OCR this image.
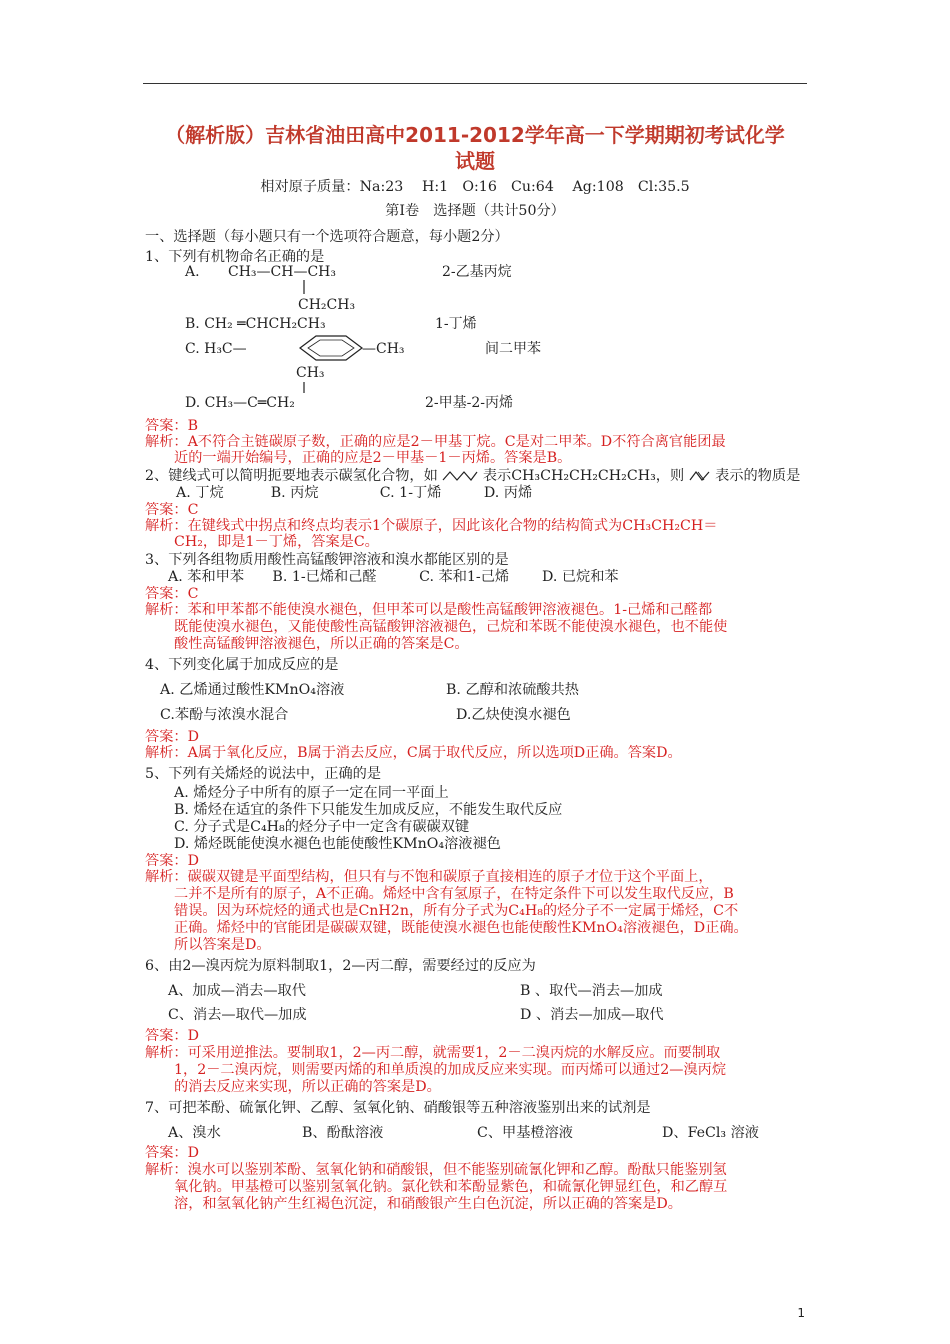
（解析版）吉林省油田高中2011-2012学年高一下学期期初考试化学
试题
相对原子质量：Na:23　 H:1　O:16　Cu:64　 Ag:108　Cl:35.5
第Ⅰ卷　选择题（共计50分）
一、选择题（每小题只有一个选项符合题意，每小题2分）
1、下列有机物命名正确的是
A. CH₃—CH—CH₃
CH₂CH₃
2-乙基丙烷
B. CH₂ ═CHCH₂CH₃	1-丁烯
C. H₃C—	—CH₃	间二甲苯
CH₃
D. CH₃—C═CH₂	2-甲基-2-丙烯
答案：B
解析：A不符合主链碳原子数，正确的应是2－甲基丁烷。C是对二甲苯。D不符合离官能团最
近的一端开始编号，正确的应是2－甲基－1－丙烯。答案是B。
2、键线式可以简明扼要地表示碳氢化合物，如	表示CH₃CH₂CH₂CH₂CH₃，则 表示的物质是
A. 丁烷　　　 B. 丙烷　　　　 C. 1-丁烯　　　D. 丙烯
答案：C
解析：在键线式中拐点和终点均表示1个碳原子，因此该化合物的结构简式为CH₃CH₂CH＝
CH₂，即是1－丁烯，答案是C。
3、下列各组物质用酸性高锰酸钾溶液和溴水都能区别的是
A. 苯和甲苯　　B. 1-已烯和己醛　　　C. 苯和1-己烯　　 D. 已烷和苯
答案：C
解析：苯和甲苯都不能使溴水褪色，但甲苯可以是酸性高锰酸钾溶液褪色。1-己烯和己醛都
既能使溴水褪色，又能使酸性高锰酸钾溶液褪色，己烷和苯既不能使溴水褪色，也不能使
酸性高锰酸钾溶液褪色，所以正确的答案是C。
4、下列变化属于加成反应的是
A. 乙烯通过酸性KMnO₄溶液	B. 乙醇和浓硫酸共热
C.苯酚与浓溴水混合	D.乙炔使溴水褪色
答案：D
解析：A属于氧化反应，B属于消去反应，C属于取代反应，所以选项D正确。答案D。
5、下列有关烯烃的说法中，正确的是
A. 烯烃分子中所有的原子一定在同一平面上
B. 烯烃在适宜的条件下只能发生加成反应，不能发生取代反应
C. 分子式是C₄H₈的烃分子中一定含有碳碳双键
D. 烯烃既能使溴水褪色也能使酸性KMnO₄溶液褪色
答案：D
解析：碳碳双键是平面型结构，但只有与不饱和碳原子直接相连的原子才位于这个平面上，
二并不是所有的原子，A不正确。烯烃中含有氢原子，在特定条件下可以发生取代反应，B
错误。因为环烷烃的通式也是CnH2n，所有分子式为C₄H₈的烃分子不一定属于烯烃，C不
正确。烯烃中的官能团是碳碳双键，既能使溴水褪色也能使酸性KMnO₄溶液褪色，D正确。
所以答案是D。
6、由2—溴丙烷为原料制取1，2—丙二醇，需要经过的反应为
A、加成—消去—取代	B 、取代—消去—加成
C、消去—取代—加成	D 、消去—加成—取代
答案：D
解析：可采用逆推法。要制取1，2—丙二醇，就需要1，2－二溴丙烷的水解反应。而要制取
1，2－二溴丙烷，则需要丙烯的和单质溴的加成反应来实现。而丙烯可以通过2—溴丙烷
的消去反应来实现，所以正确的答案是D。
7、可把苯酚、硫氰化钾、乙醇、氢氧化钠、硝酸银等五种溶液鉴别出来的试剂是
A、溴水	B、酚酞溶液	C、甲基橙溶液	D、FeCl₃ 溶液
答案：D
解析：溴水可以鉴别苯酚、氢氧化钠和硝酸银，但不能鉴别硫氰化钾和乙醇。酚酞只能鉴别氢
氧化钠。甲基橙可以鉴别氢氧化钠。氯化铁和苯酚显紫色，和硫氰化钾显红色，和乙醇互
溶，和氢氧化钠产生红褐色沉淀，和硝酸银产生白色沉淀，所以正确的答案是D。
1
